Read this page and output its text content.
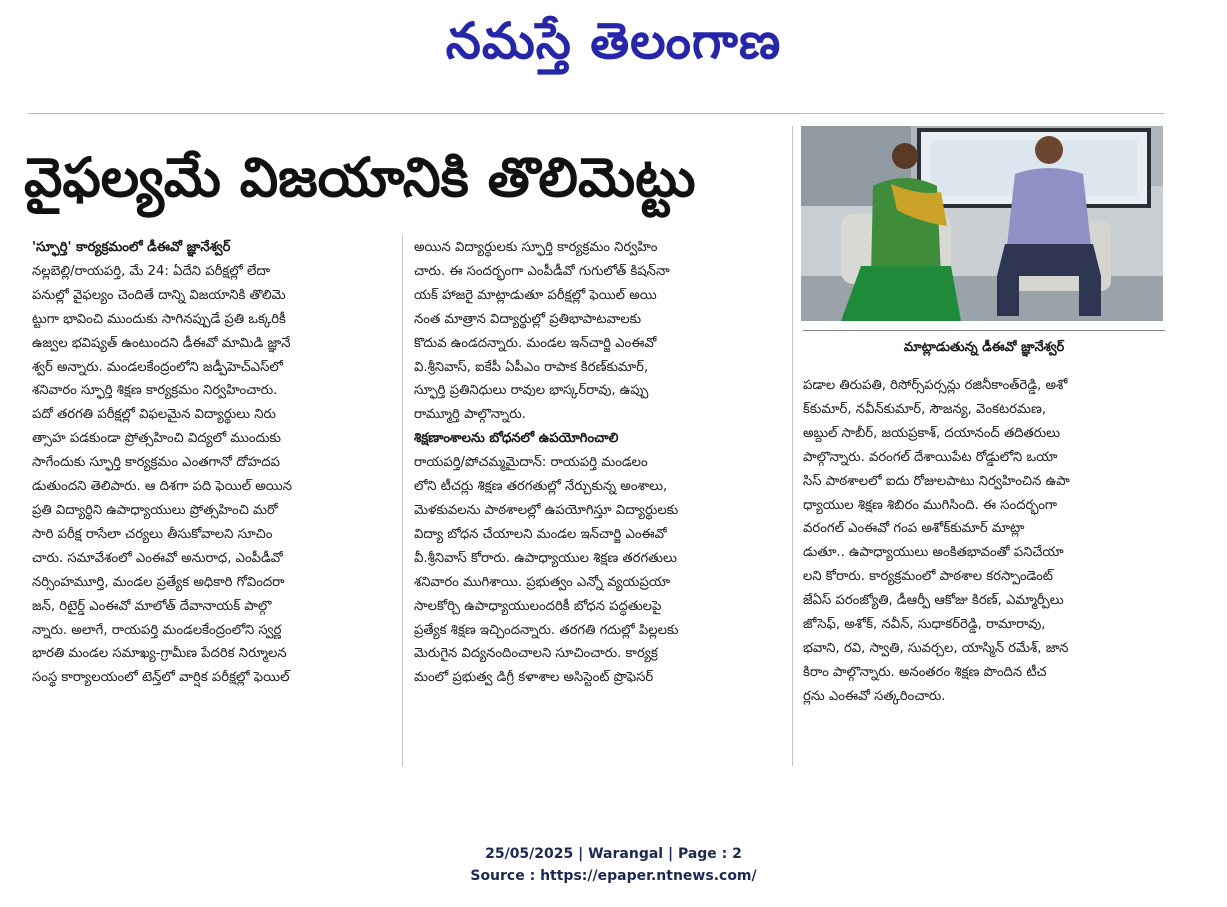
నమస్తే తెలంగాణ
వైఫల్యమే విజయానికి తొలిమెట్టు

'స్ఫూర్తి' కార్యక్రమంలో డీఈవో జ్ఞానేశ్వర్

నల్లబెల్లి/రాయపర్తి, మే 24: ఏదేని పరీక్షల్లో లేదా

పనుల్లో వైఫల్యం చెందితే దాన్ని విజయానికి తొలిమె

ట్టుగా భావించి ముందుకు సాగినప్పుడే ప్రతి ఒక్కరికీ

ఉజ్వల భవిష్యత్ ఉంటుందని డీఈవో మామిడి జ్ఞానే

శ్వర్ అన్నారు. మండలకేంద్రంలోని జడ్పీహెచ్ఎస్‌లో

శనివారం స్ఫూర్తి శిక్షణ కార్యక్రమం నిర్వహించారు.

పదో తరగతి పరీక్షల్లో విఫలమైన విద్యార్థులు నిరు

త్సాహ పడకుండా ప్రోత్సహించి విద్యలో ముందుకు

సాగేందుకు స్ఫూర్తి కార్యక్రమం ఎంతగానో దోహదప

డుతుందని తెలిపారు. ఆ దిశగా పది ఫెయిల్ అయిన

ప్రతి విద్యార్థిని ఉపాధ్యాయులు ప్రోత్సహించి మరో

సారి పరీక్ష రాసేలా చర్యలు తీసుకోవాలని సూచిం

చారు. సమావేశంలో ఎంఈవో అనురాధ, ఎంపీడీవో

నర్సింహమూర్తి, మండల ప్రత్యేక అధికారి గోవిందరా

జన్, రిటైర్డ్ ఎంఈవో మాలోత్ దేవానాయక్ పాల్గొ

న్నారు. అలాగే, రాయపర్తి మండలకేంద్రంలోని స్వర్ణ

భారతి మండల సమాఖ్య-గ్రామీణ పేదరిక నిర్మూలన

సంస్థ కార్యాలయంలో టెన్త్‌లో వార్షిక పరీక్షల్లో ఫెయిల్

అయిన విద్యార్థులకు స్ఫూర్తి కార్యక్రమం నిర్వహిం

చారు. ఈ సందర్భంగా ఎంపీడీవో గుగులోత్ కిషన్‌నా

యక్ హాజరై మాట్లాడుతూ పరీక్షల్లో ఫెయిల్ అయి

నంత మాత్రాన విద్యార్థుల్లో ప్రతిభాపాటవాలకు

కొదువ ఉండదన్నారు. మండల ఇన్‌చార్జి ఎంఈవో

వి.శ్రీనివాస్, ఐకేపీ ఏపీఎం రాపాక కిరణ్‌కుమార్,

స్ఫూర్తి ప్రతినిధులు రావుల భాస్కర్‌రావు, ఉప్పు

రామ్మూర్తి పాల్గొన్నారు.

శిక్షణాంశాలను బోధనలో ఉపయోగించాలి

రాయపర్తి/పోచమ్మమైదాన్: రాయపర్తి మండలం

లోని టీచర్లు శిక్షణ తరగతుల్లో నేర్చుకున్న అంశాలు,

మెళకువలను పాఠశాలల్లో ఉపయోగిస్తూ విద్యార్థులకు

విద్యా బోధన చేయాలని మండల ఇన్‌చార్జి ఎంఈవో

వీ.శ్రీనివాస్ కోరారు. ఉపాధ్యాయుల శిక్షణ తరగతులు

శనివారం ముగిశాయి. ప్రభుత్వం ఎన్నో వ్యయప్రయా

సాలకోర్చి ఉపాధ్యాయులందరికీ బోధన పద్ధతులపై

ప్రత్యేక శిక్షణ ఇచ్చిందన్నారు. తరగతి గదుల్లో పిల్లలకు

మెరుగైన విద్యనందించాలని సూచించారు. కార్యక్ర

మంలో ప్రభుత్వ డిగ్రీ కళాశాల అసిస్టెంట్ ప్రొఫెసర్

మాట్లాడుతున్న డీఈవో జ్ఞానేశ్వర్

పడాల తిరుపతి, రిసోర్స్‌పర్సన్లు రజినీకాంత్‌రెడ్డి, అశో

క్‌కుమార్, నవీన్‌కుమార్, సౌజన్య, వెంకటరమణ,

అబ్దుల్ సాబీర్, జయప్రకాశ్, దయానంద్ తదితరులు

పాల్గొన్నారు. వరంగల్ దేశాయిపేట రోడ్డులోని ఒయా

సిస్ పాఠశాలలో ఐదు రోజులపాటు నిర్వహించిన ఉపా

ధ్యాయుల శిక్షణ శిబిరం ముగిసింది. ఈ సందర్భంగా

వరంగల్ ఎంఈవో గంప అశోక్‌కుమార్ మాట్లా

డుతూ.. ఉపాధ్యాయులు అంకితభావంతో పనిచేయా

లని కోరారు. కార్యక్రమంలో పాఠశాల కరస్పాండెంట్

జేఏస్ పరంజ్యోతి, డీఆర్పీ ఆకోజు కిరణ్, ఎమ్మార్పీలు

జోసెఫ్, అశోక్, నవీన్, సుధాకర్‌రెడ్డి, రామారావు,

భవాని, రవి, స్వాతి, సువర్చల, యాస్మిన్ రమేశ్, జాన

కిరాం పాల్గొన్నారు. అనంతరం శిక్షణ పొందిన టీచ

ర్లను ఎంఈవో సత్కరించారు.

25/05/2025 | Warangal | Page : 2
Source : https://epaper.ntnews.com/
